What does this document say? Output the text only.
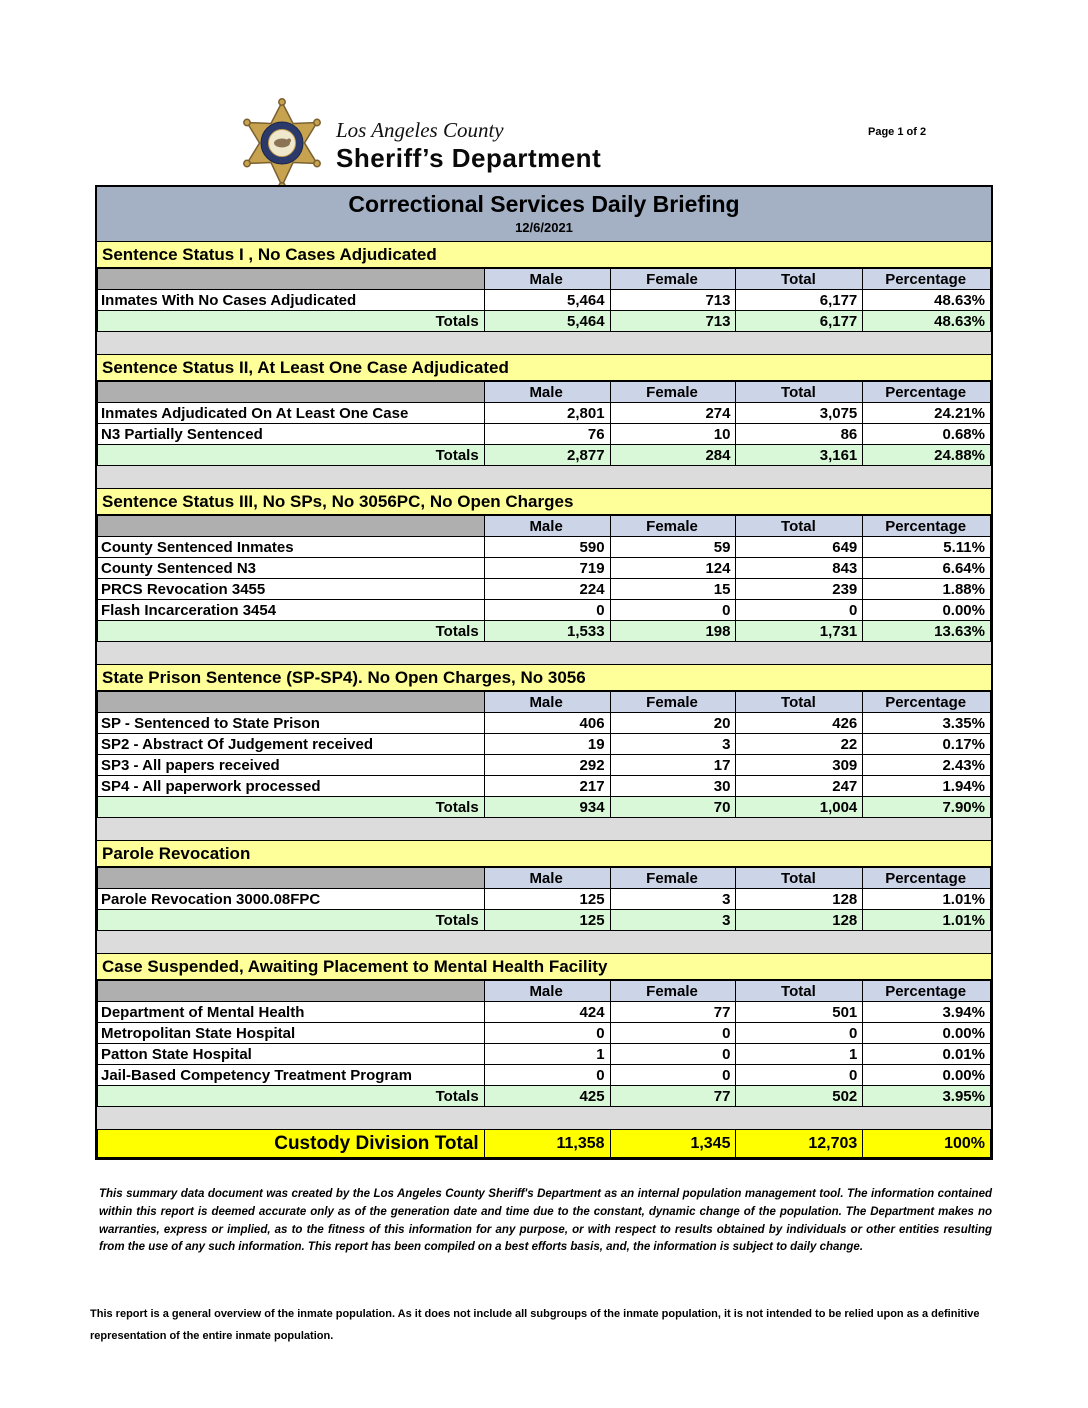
Los Angeles County
Sheriff’s Department
Page 1 of 2
Correctional Services Daily Briefing
12/6/2021
Sentence Status I , No Cases Adjudicated
	Male	Female	Total	Percentage
Inmates With No Cases Adjudicated	5,464	713	6,177	48.63%
Totals	5,464	713	6,177	48.63%
Sentence Status II, At Least One Case Adjudicated
	Male	Female	Total	Percentage
Inmates Adjudicated On At Least One Case	2,801	274	3,075	24.21%
N3 Partially Sentenced	76	10	86	0.68%
Totals	2,877	284	3,161	24.88%
Sentence Status III, No SPs, No 3056PC, No Open Charges
	Male	Female	Total	Percentage
County Sentenced Inmates	590	59	649	5.11%
County Sentenced N3	719	124	843	6.64%
PRCS Revocation 3455	224	15	239	1.88%
Flash Incarceration 3454	0	0	0	0.00%
Totals	1,533	198	1,731	13.63%
State Prison Sentence (SP-SP4). No Open Charges, No 3056
	Male	Female	Total	Percentage
SP - Sentenced to State Prison	406	20	426	3.35%
SP2 - Abstract Of Judgement received	19	3	22	0.17%
SP3 - All papers received	292	17	309	2.43%
SP4 - All paperwork processed	217	30	247	1.94%
Totals	934	70	1,004	7.90%
Parole Revocation
	Male	Female	Total	Percentage
Parole Revocation 3000.08FPC	125	3	128	1.01%
Totals	125	3	128	1.01%
Case Suspended, Awaiting Placement to Mental Health Facility
	Male	Female	Total	Percentage
Department of Mental Health	424	77	501	3.94%
Metropolitan State Hospital	0	0	0	0.00%
Patton State Hospital	1	0	1	0.01%
Jail-Based Competency Treatment Program	0	0	0	0.00%
Totals	425	77	502	3.95%
Custody Division Total	11,358	1,345	12,703	100%

This summary data document was created by the Los Angeles County Sheriff's Department as an internal population management tool. The information contained within this report is deemed accurate only as of the generation date and time due to the constant, dynamic change of the population. The Department makes no warranties, express or implied, as to the fitness of this information for any purpose, or with respect to results obtained by individuals or other entities resulting from the use of any such information. This report has been compiled on a best efforts basis, and, the information is subject to daily change.

This report is a general overview of the inmate population. As it does not include all subgroups of the inmate population, it is not intended to be relied upon as a definitive representation of the entire inmate population.
